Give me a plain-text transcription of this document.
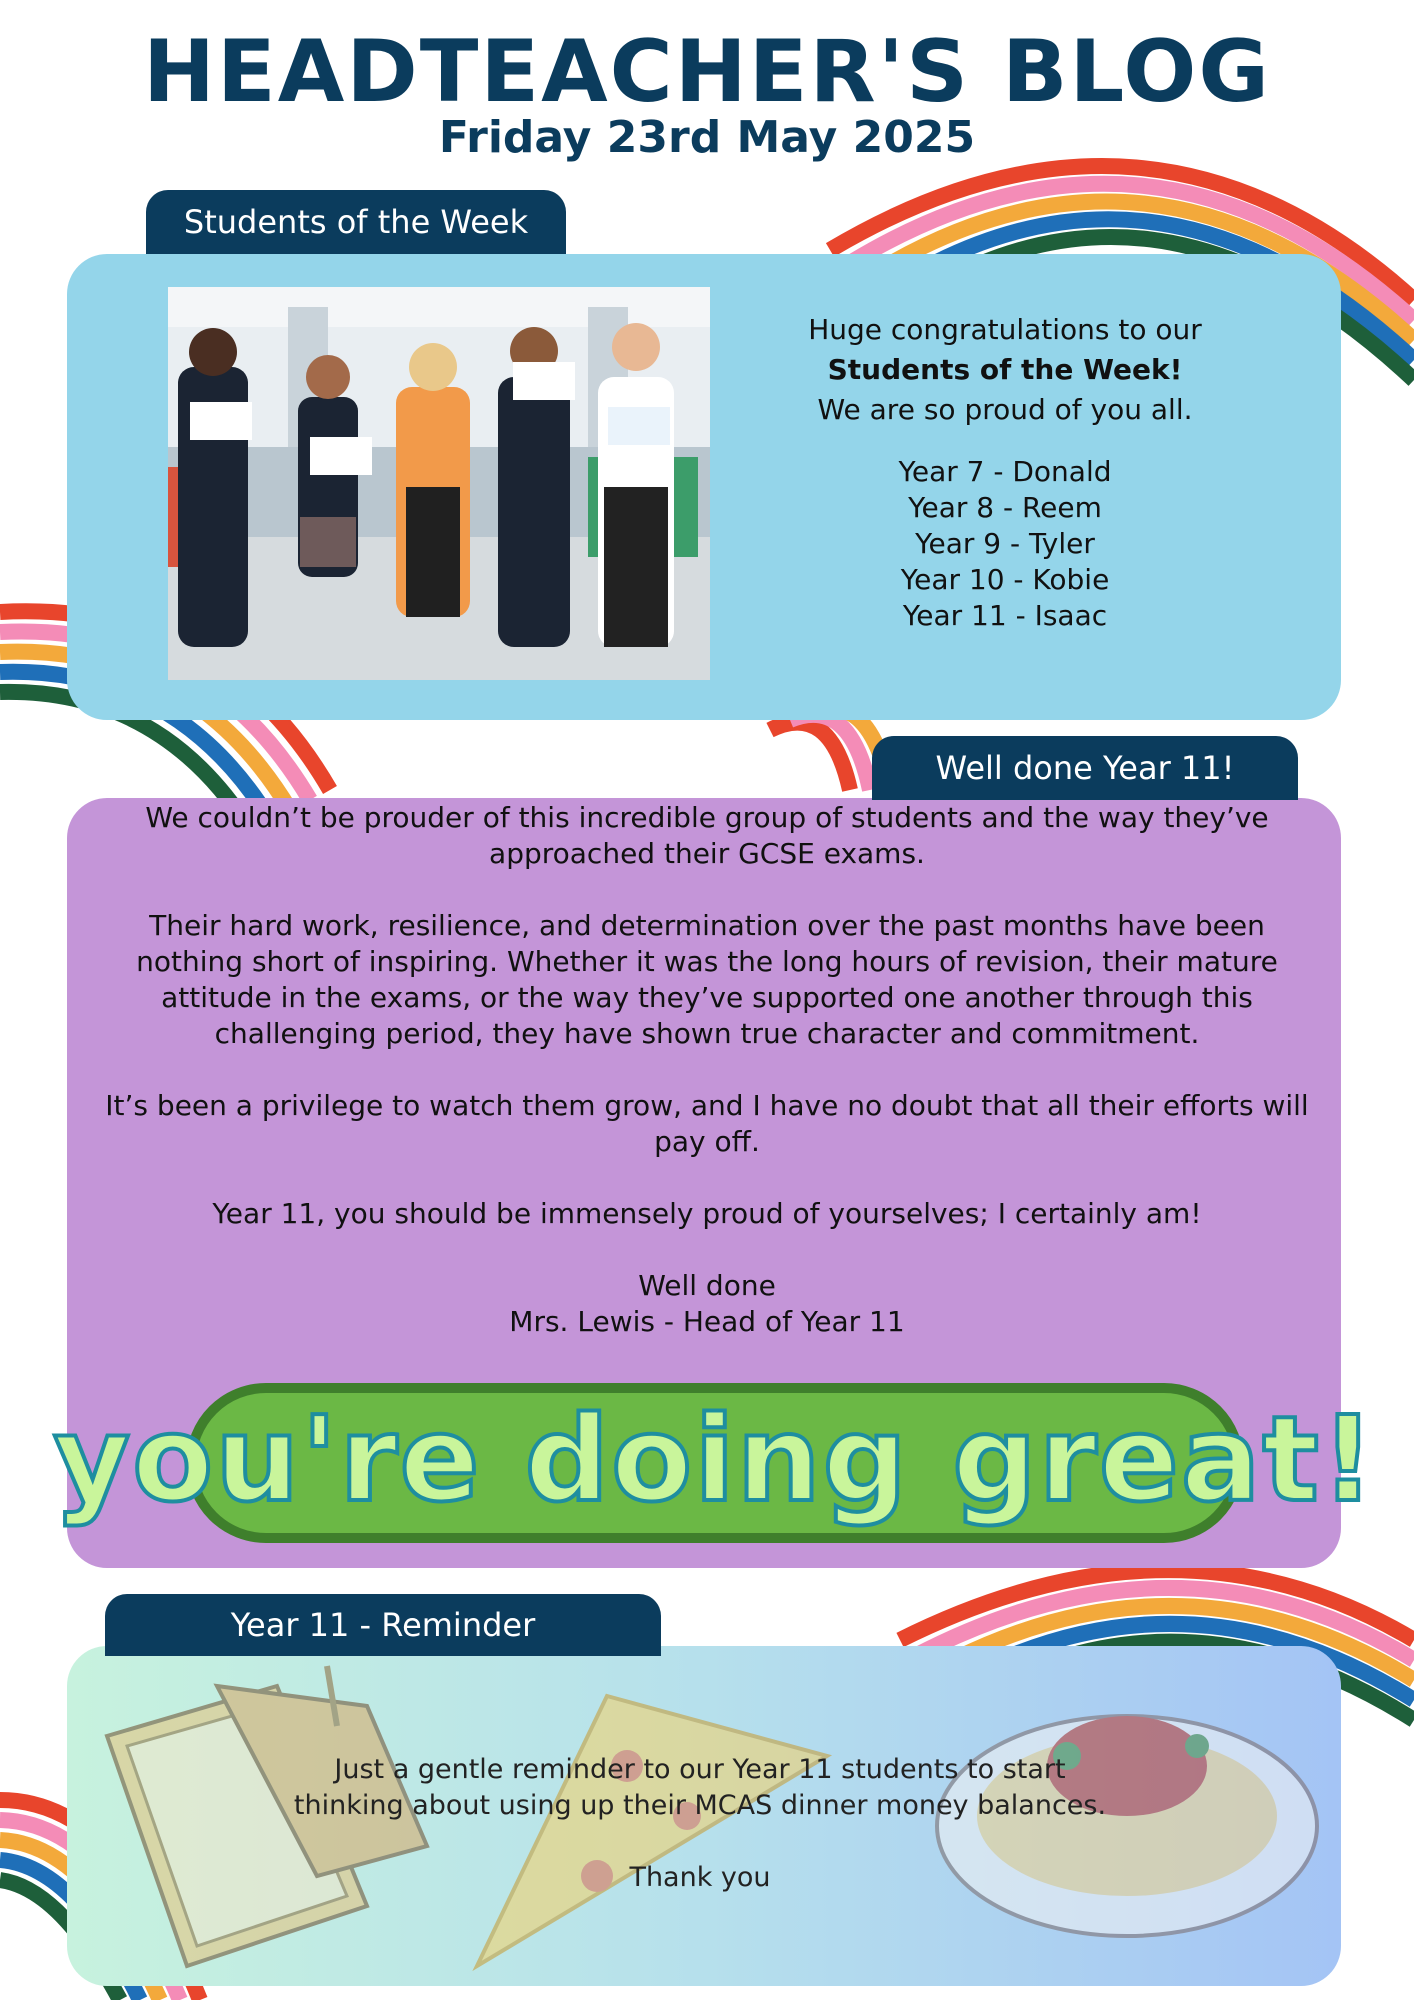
HEADTEACHER'S BLOG
Friday 23rd May 2025
Students of the Week

Huge congratulations to our

Students of the Week!

We are so proud of you all.

Year 7 - Donald
Year 8 - Reem
Year 9 - Tyler
Year 10 - Kobie
Year 11 - Isaac
Well done Year 11!

We couldn’t be prouder of this incredible group of students and the way they’ve approached their GCSE exams.

Their hard work, resilience, and determination over the past months have been nothing short of inspiring. Whether it was the long hours of revision, their mature attitude in the exams, or the way they’ve supported one another through this challenging period, they have shown true character and commitment.

It’s been a privilege to watch them grow, and I have no doubt that all their efforts will pay off.

Year 11, you should be immensely proud of yourselves; I certainly am!

Well done
Mrs. Lewis - Head of Year 11
you're doing great!
Year 11 - Reminder
Just a gentle reminder to our Year 11 students to start

thinking about using up their MCAS dinner money balances.

Thank you
